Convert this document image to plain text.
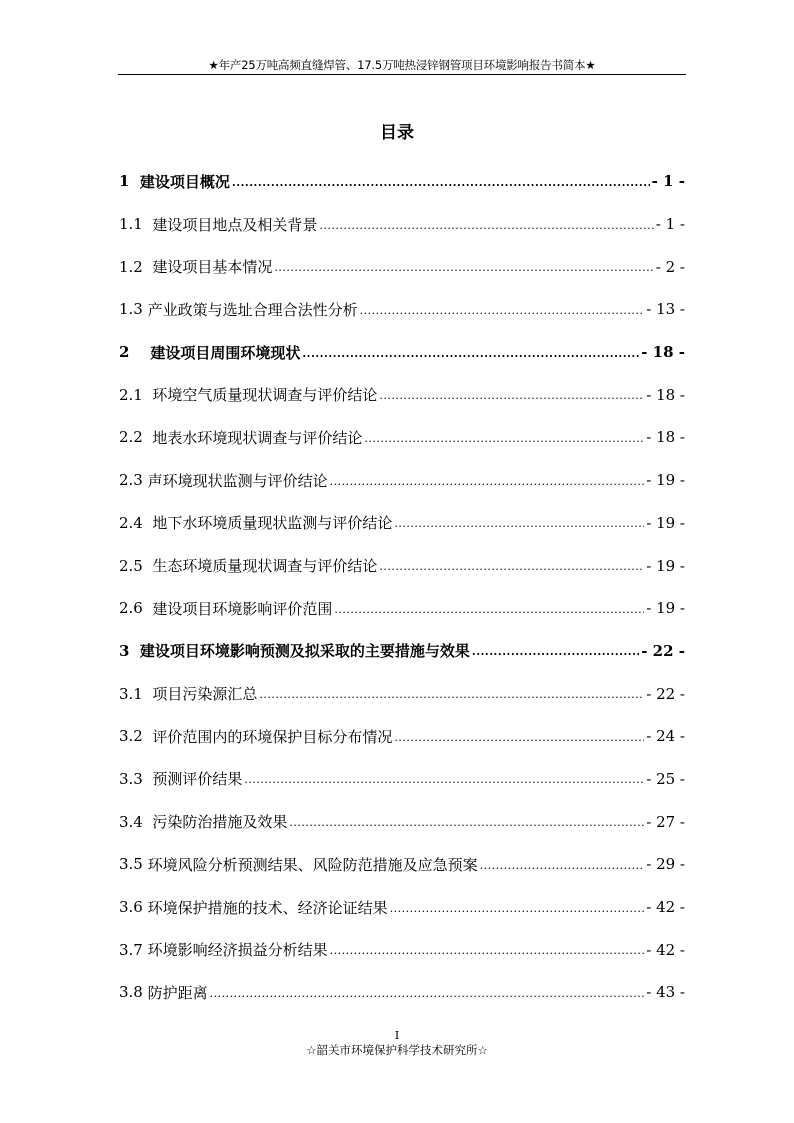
★年产25万吨高频直缝焊管、17.5万吨热浸锌钢管项目环境影响报告书简本★
目录
1 建设项目概况 .....	- 1 -
1.1 建设项目地点及相关背景 .....	- 1 -
1.2 建设项目基本情况 .....	- 2 -
1.3 产业政策与选址合理合法性分析 .....	- 13 -
2 建设项目周围环境现状 .....	- 18 -
2.1 环境空气质量现状调查与评价结论 .....	- 18 -
2.2 地表水环境现状调查与评价结论 .....	- 18 -
2.3 声环境现状监测与评价结论 .....	- 19 -
2.4 地下水环境质量现状监测与评价结论 .....	- 19 -
2.5 生态环境质量现状调查与评价结论 .....	- 19 -
2.6 建设项目环境影响评价范围 .....	- 19 -
3 建设项目环境影响预测及拟采取的主要措施与效果 .....	- 22 -
3.1 项目污染源汇总 .....	- 22 -
3.2 评价范围内的环境保护目标分布情况 .....	- 24 -
3.3 预测评价结果 .....	- 25 -
3.4 污染防治措施及效果 .....	- 27 -
3.5 环境风险分析预测结果、风险防范措施及应急预案 .....	- 29 -
3.6 环境保护措施的技术、经济论证结果 .....	- 42 -
3.7 环境影响经济损益分析结果 .....	- 42 -
3.8 防护距离 .....	- 43 -
I
☆韶关市环境保护科学技术研究所☆
